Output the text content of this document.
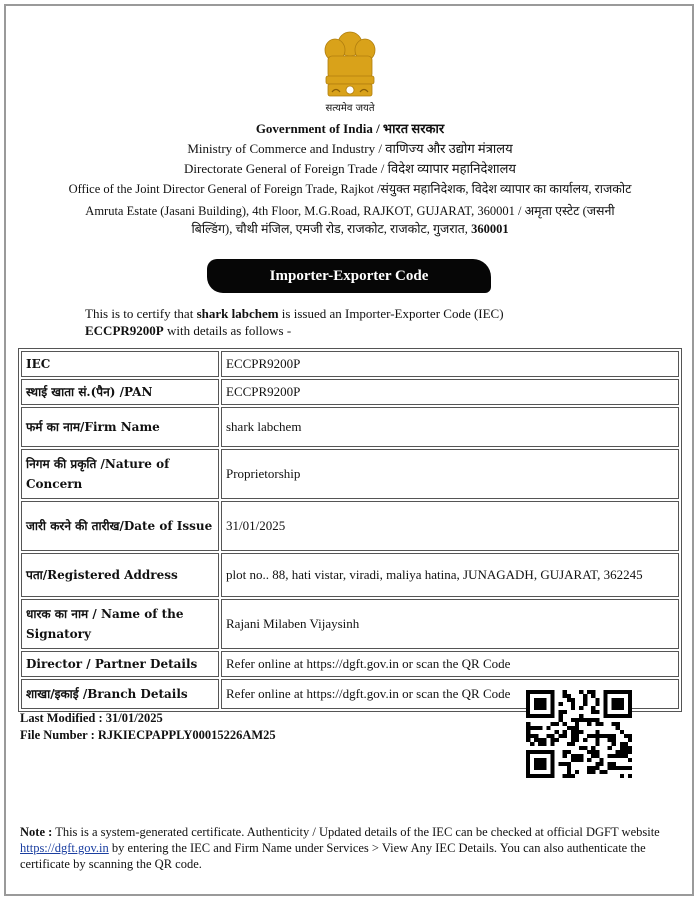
सत्यमेव जयते
Government of India / भारत सरकार
Ministry of Commerce and Industry / वाणिज्य और उद्योग मंत्रालय
Directorate General of Foreign Trade / विदेश व्यापार महानिदेशालय
Office of the Joint Director General of Foreign Trade, Rajkot /संयुक्त महानिदेशक, विदेश व्यापार का कार्यालय, राजकोट
Amruta Estate (Jasani Building), 4th Floor, M.G.Road, RAJKOT, GUJARAT, 360001 / अमृता एस्टेट (जसनी
बिल्डिंग), चौथी मंजिल, एमजी रोड, राजकोट, राजकोट, गुजरात, 360001
Importer-Exporter Code
This is to certify that shark labchem is issued an Importer-Exporter Code (IEC)
ECCPR9200P with details as follows -
IEC	ECCPR9200P
स्थाई खाता सं.(पैन) /PAN	ECCPR9200P
फर्म का नाम/Firm Name	shark labchem
निगम की प्रकृति /Nature of Concern	Proprietorship
जारी करने की तारीख/Date of Issue	31/01/2025
पता/Registered Address	plot no.. 88, hati vistar, viradi, maliya hatina, JUNAGADH, GUJARAT, 362245
धारक का नाम / Name of the Signatory	Rajani Milaben Vijaysinh
Director / Partner Details	Refer online at https://dgft.gov.in or scan the QR Code
शाखा/इकाई /Branch Details	Refer online at https://dgft.gov.in or scan the QR Code
Last Modified : 31/01/2025
File Number : RJKIECPAPPLY00015226AM25
Note : This is a system-generated certificate. Authenticity / Updated details of the IEC can be checked at official DGFT website https://dgft.gov.in by entering the IEC and Firm Name under Services > View Any IEC Details. You can also authenticate the certificate by scanning the QR code.
